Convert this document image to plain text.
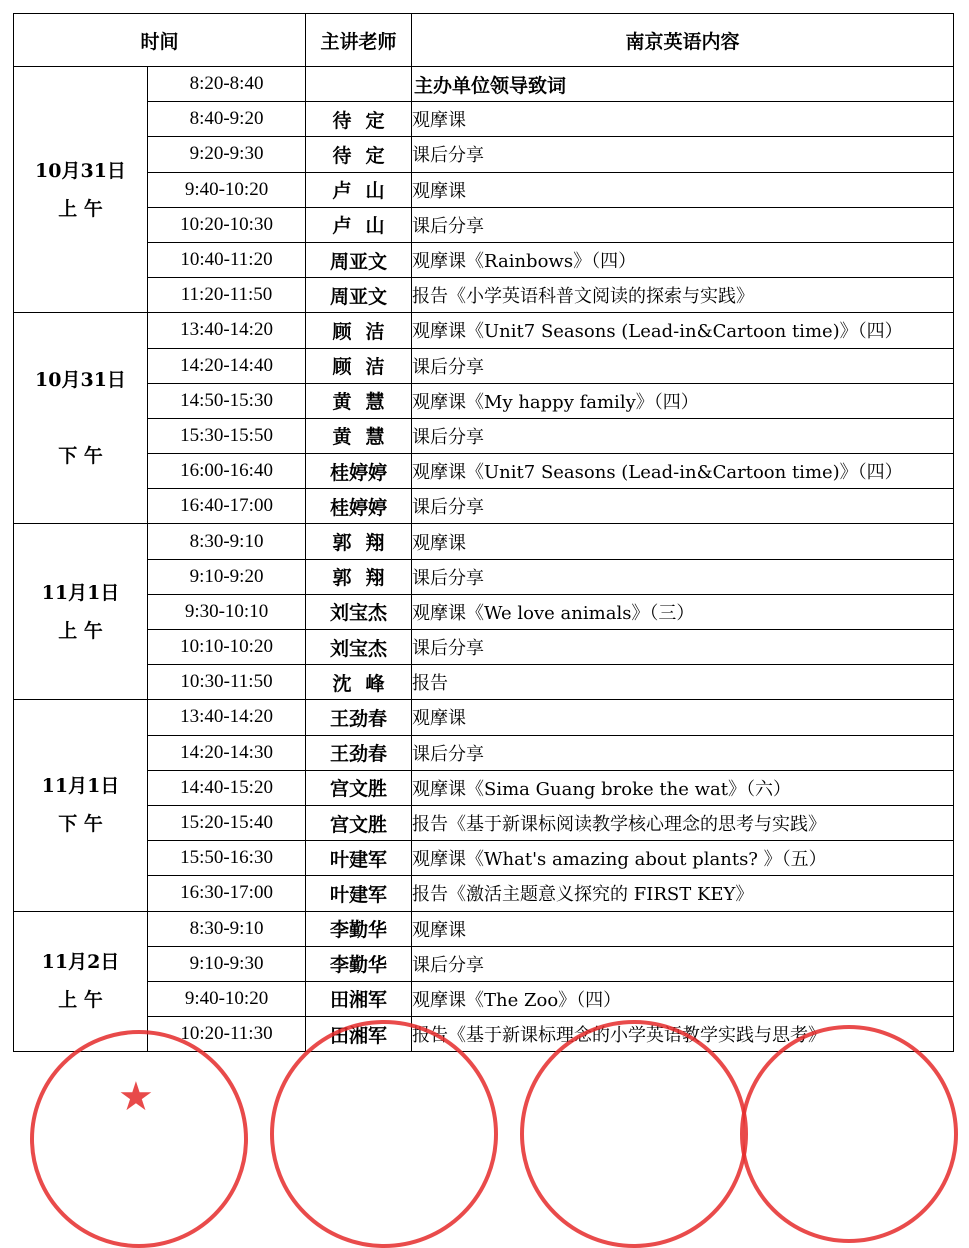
时间		主讲老师	南京英语内容

10月31日
上 午	8:20-8:40		主办单位领导致词
	8:40-9:20	待定	观摩课
	9:20-9:30	待定	课后分享
	9:40-10:20	卢山	观摩课
	10:20-10:30	卢山	课后分享
	10:40-11:20	周亚文	观摩课《Rainbows》（四）
	11:20-11:50	周亚文	报告《小学英语科普文阅读的探索与实践》

10月31日

下 午	13:40-14:20	顾洁	观摩课《Unit7 Seasons (Lead-in&Cartoon time)》（四）
	14:20-14:40	顾洁	课后分享
	14:50-15:30	黄慧	观摩课《My happy family》（四）
	15:30-15:50	黄慧	课后分享
	16:00-16:40	桂婷婷	观摩课《Unit7 Seasons (Lead-in&Cartoon time)》（四）
	16:40-17:00	桂婷婷	课后分享

11月1日
上 午	8:30-9:10	郭翔	观摩课
	9:10-9:20	郭翔	课后分享
	9:30-10:10	刘宝杰	观摩课《We love animals》（三）
	10:10-10:20	刘宝杰	课后分享
	10:30-11:50	沈峰	报告

11月1日
下 午	13:40-14:20	王劲春	观摩课
	14:20-14:30	王劲春	课后分享
	14:40-15:20	宫文胜	观摩课《Sima Guang broke the wat》（六）
	15:20-15:40	宫文胜	报告《基于新课标阅读教学核心理念的思考与实践》
	15:50-16:30	叶建军	观摩课《What's amazing about plants? 》（五）
	16:30-17:00	叶建军	报告《激活主题意义探究的 FIRST KEY》

11月2日
上 午	8:30-9:10	李勤华	观摩课
	9:10-9:30	李勤华	课后分享
	9:40-10:20	田湘军	观摩课《The Zoo》（四）
	10:20-11:30	田湘军	报告《基于新课标理念的小学英语教学实践与思考》
★
